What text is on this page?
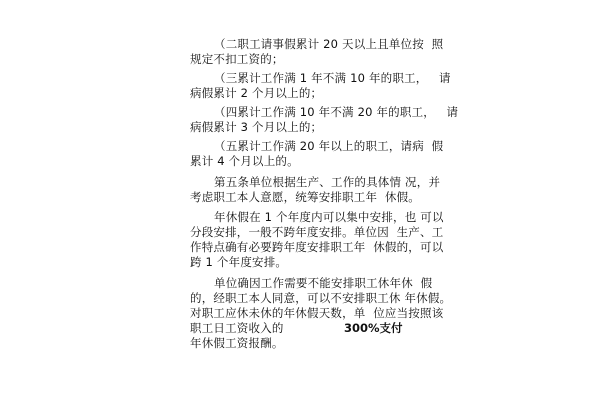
（二职工请事假累计 20 天以上且单位按  照
规定不扣工资的；
（三累计工作满 1 年不满 10 年的职工，   请
病假累计 2 个月以上的；
（四累计工作满 10 年不满 20 年的职工，   请
病假累计 3 个月以上的；
（五累计工作满 20 年以上的职工，请病  假
累计 4 个月以上的。
第五条单位根据生产、工作的具体情 况，并
考虑职工本人意愿，统筹安排职工年  休假。
年休假在 1 个年度内可以集中安排，也 可以
分段安排，一般不跨年度安排。单位因  生产、工
作特点确有必要跨年度安排职工年  休假的，可以
跨 1 个年度安排。
单位确因工作需要不能安排职工休年休  假
的，经职工本人同意，可以不安排职工休 年休假。
对职工应休未休的年休假天数，单  位应当按照该
职工日工资收入的	300%支付
年休假工资报酬。
